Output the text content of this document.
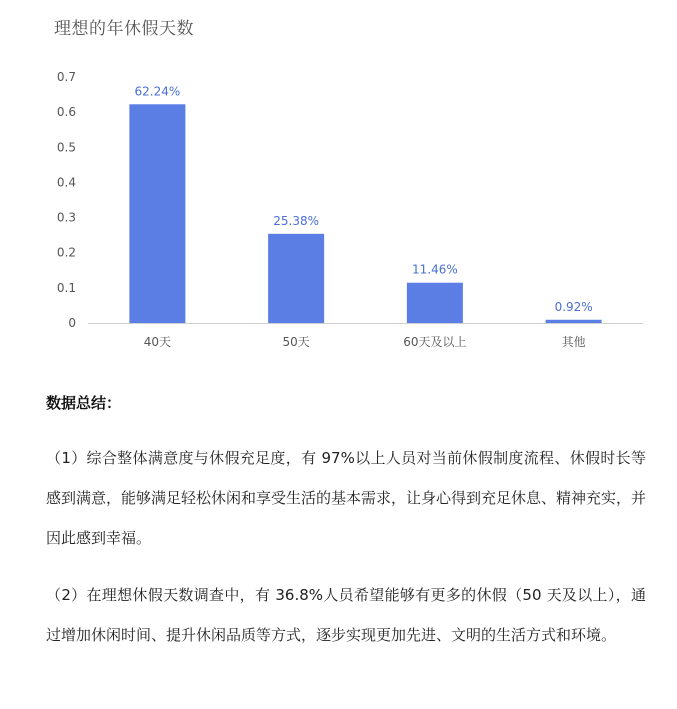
理想的年休假天数
0
0.1
0.2
0.3
0.4
0.5
0.6
0.7
62.24%
40天
25.38%
50天
11.46%
60天及以上
0.92%
其他
数据总结：
（1）综合整体满意度与休假充足度，有 97%以上人员对当前休假制度流程、休假时长等感到满意，能够满足轻松休闲和享受生活的基本需求，让身心得到充足休息、精神充实，并因此感到幸福。
（2）在理想休假天数调查中，有 36.8%人员希望能够有更多的休假（50 天及以上），通过增加休闲时间、提升休闲品质等方式，逐步实现更加先进、文明的生活方式和环境。
